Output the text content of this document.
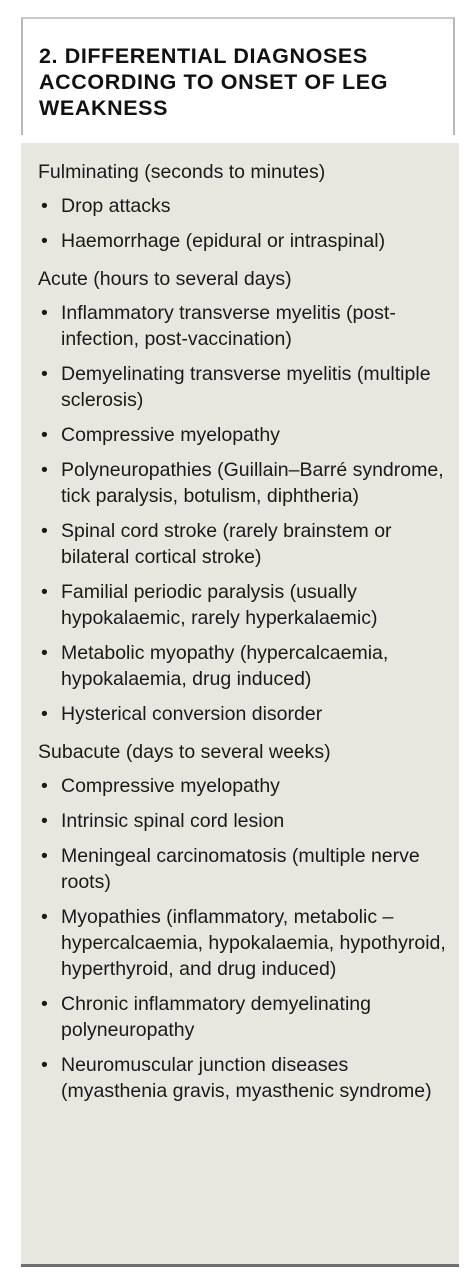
2. DIFFERENTIAL DIAGNOSES ACCORDING TO ONSET OF LEG WEAKNESS
Fulminating (seconds to minutes)
• Drop attacks
• Haemorrhage (epidural or intraspinal)
Acute (hours to several days)
• Inflammatory transverse myelitis (post-infection, post-vaccination)
• Demyelinating transverse myelitis (multiple sclerosis)
• Compressive myelopathy
• Polyneuropathies (Guillain–Barré syndrome, tick paralysis, botulism, diphtheria)
• Spinal cord stroke (rarely brainstem or bilateral cortical stroke)
• Familial periodic paralysis (usually hypokalaemic, rarely hyperkalaemic)
• Metabolic myopathy (hypercalcaemia, hypokalaemia, drug induced)
• Hysterical conversion disorder
Subacute (days to several weeks)
• Compressive myelopathy
• Intrinsic spinal cord lesion
• Meningeal carcinomatosis (multiple nerve roots)
• Myopathies (inflammatory, metabolic – hypercalcaemia, hypokalaemia, hypothyroid, hyperthyroid, and drug induced)
• Chronic inflammatory demyelinating polyneuropathy
• Neuromuscular junction diseases (myasthenia gravis, myasthenic syndrome)
